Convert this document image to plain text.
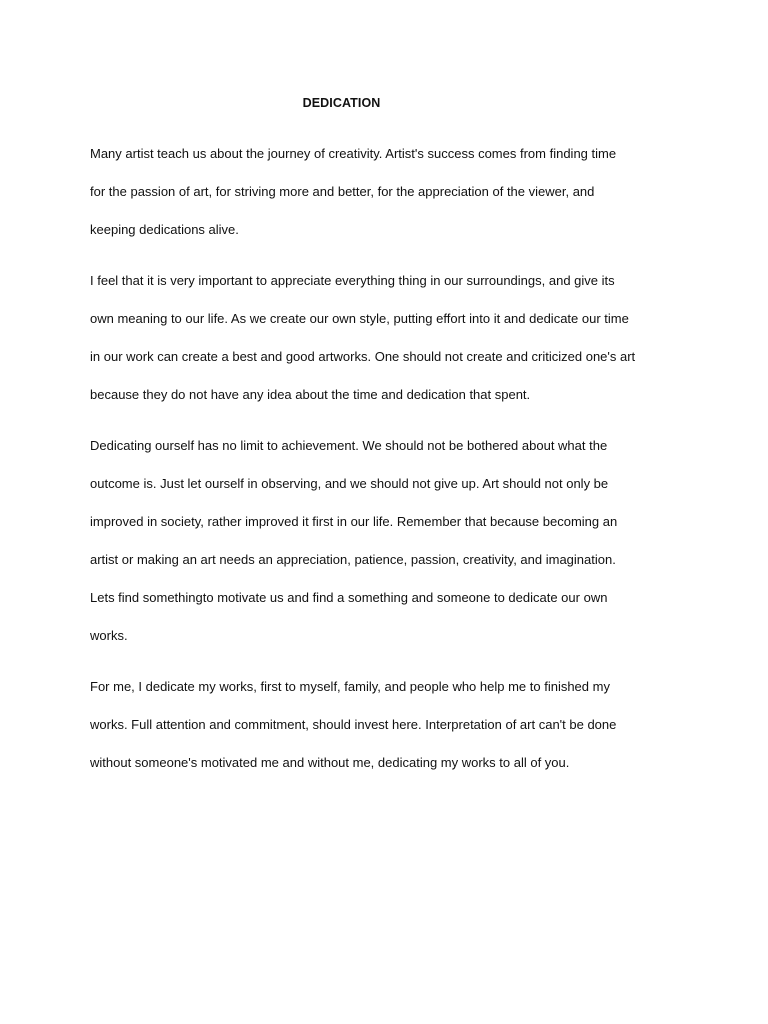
DEDICATION

Many artist teach us about the journey of creativity. Artist's success comes from finding time
for the passion of art, for striving more and better, for the appreciation of the viewer, and
keeping dedications alive.

I feel that it is very important to appreciate everything thing in our surroundings, and give its
own meaning to our life. As we create our own style, putting effort into it and dedicate our time
in our work can create a best and good artworks. One should not create and criticized one's art
because they do not have any idea about the time and dedication that spent.

Dedicating ourself has no limit to achievement. We should not be bothered about what the
outcome is. Just let ourself in observing, and we should not give up. Art should not only be
improved in society, rather improved it first in our life. Remember that because becoming an
artist or making an art needs an appreciation, patience, passion, creativity, and imagination.
Lets find somethingto motivate us and find a something and someone to dedicate our own
works.

For me, I dedicate my works, first to myself, family, and people who help me to finished my
works. Full attention and commitment, should invest here. Interpretation of art can't be done
without someone's motivated me and without me, dedicating my works to all of you.
